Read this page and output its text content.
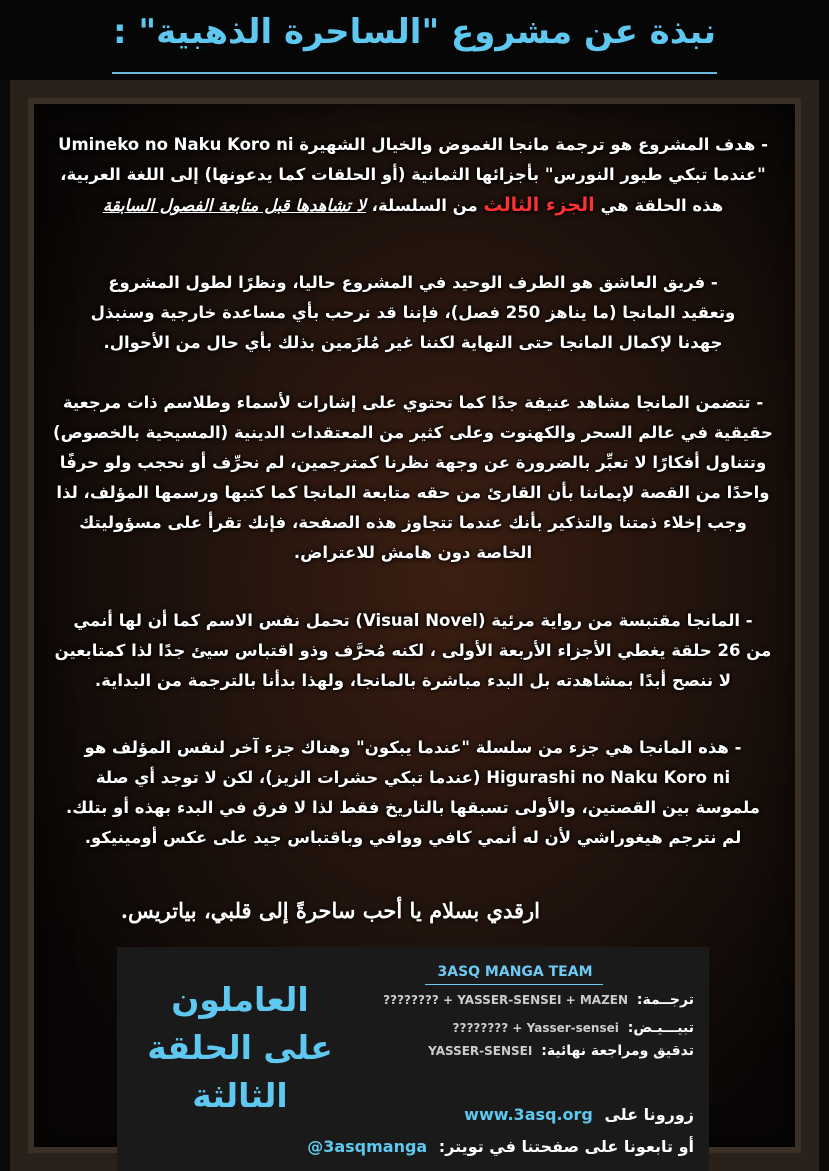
نبذة عن مشروع "الساحرة الذهبية" :

- هدف المشروع هو ترجمة مانجا الغموض والخيال الشهيرة Umineko no Naku Koro ni

"عندما تبكي طيور النورس" بأجزائها الثمانية (أو الحلقات كما يدعونها) إلى اللغة العربية،

هذه الحلقة هي الجزء الثالث من السلسلة، لا تشاهدها قبل متابعة الفصول السابقة

- فريق العاشق هو الطرف الوحيد في المشروع حاليا، ونظرًا لطول المشروع

وتعقيد المانجا (ما يناهز 250 فصل)، فإننا قد نرحب بأي مساعدة خارجية وسنبذل

جهدنا لإكمال المانجا حتى النهاية لكننا غير مُلزَمين بذلك بأي حال من الأحوال.

- تتضمن المانجا مشاهد عنيفة جدًا كما تحتوي على إشارات لأسماء وطلاسم ذات مرجعية

حقيقية في عالم السحر والكهنوت وعلى كثير من المعتقدات الدينية (المسيحية بالخصوص)

وتتناول أفكارًا لا تعبِّر بالضرورة عن وجهة نظرنا كمترجمين، لم نحرِّف أو نحجب ولو حرفًا

واحدًا من القصة لإيماننا بأن القارئ من حقه متابعة المانجا كما كتبها ورسمها المؤلف، لذا

وجب إخلاء ذمتنا والتذكير بأنك عندما تتجاوز هذه الصفحة، فإنك تقرأ على مسؤوليتك

الخاصة دون هامش للاعتراض.

- المانجا مقتبسة من رواية مرئية (Visual Novel) تحمل نفس الاسم كما أن لها أنمي

من 26 حلقة يغطي الأجزاء الأربعة الأولى ، لكنه مُحرَّف وذو اقتباس سيئ جدًا لذا كمتابعين

لا ننصح أبدًا بمشاهدته بل البدء مباشرة بالمانجا، ولهذا بدأنا بالترجمة من البداية.

- هذه المانجا هي جزء من سلسلة "عندما يبكون" وهناك جزء آخر لنفس المؤلف هو

Higurashi no Naku Koro ni (عندما تبكي حشرات الزيز)، لكن لا توجد أي صلة

ملموسة بين القصتين، والأولى تسبقها بالتاريخ فقط لذا لا فرق في البدء بهذه أو بتلك.

لم نترجم هيغوراشي لأن له أنمي كافي ووافي وباقتباس جيد على عكس أومينيكو.

ارقدي بسلام يا أحب ساحرةً إلى قلبي، بياتريس.
3ASQ MANGA TEAM
ترجــمة: YASSER-SENSEI + MAZEN + ????????
تبيـــيـض: Yasser-sensei + ????????
تدقيق ومراجعة نهائية: YASSER-SENSEI
العاملون
على الحلقة
الثالثة	زورونا على www.3asq.org
أو تابعونا على صفحتنا في تويتر: 3asqmanga@
